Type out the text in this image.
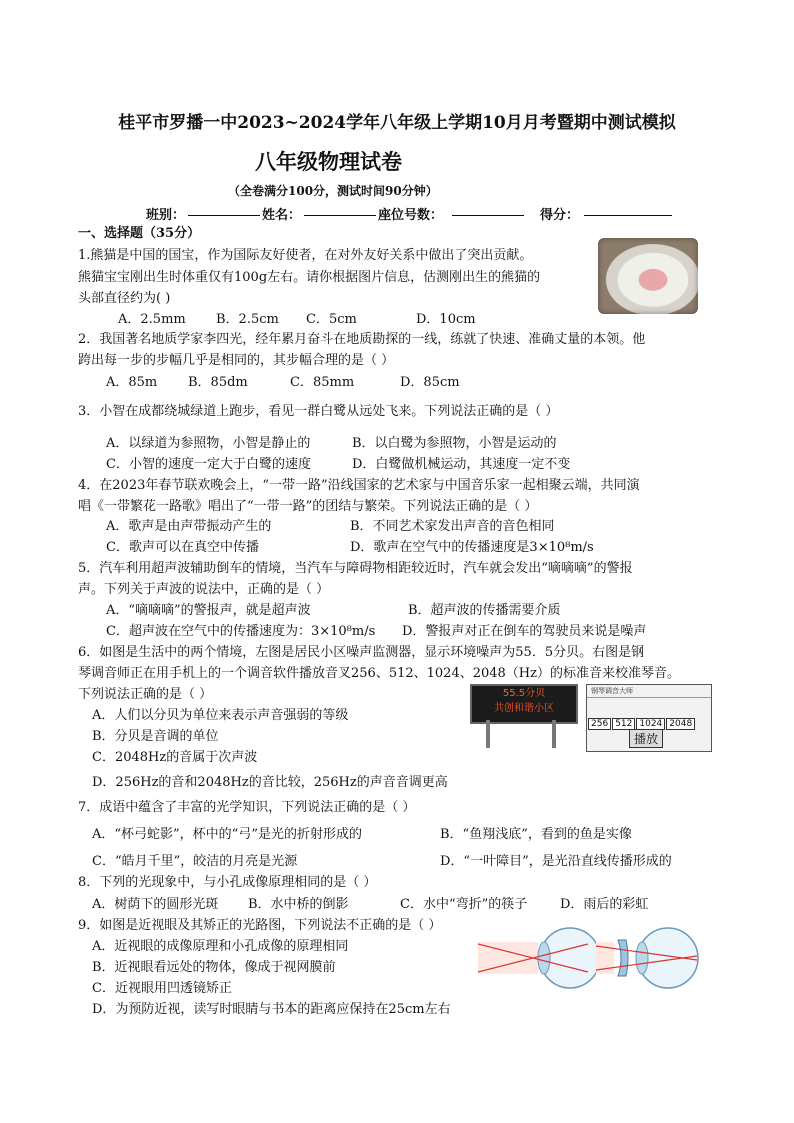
桂平市罗播一中2023~2024学年八年级上学期10月月考暨期中测试模拟
八年级物理试卷
（全卷满分100分，测试时间90分钟）
班别：	姓名：	座位号数：	得分：
一、选择题（35分）
1.熊猫是中国的国宝，作为国际友好使者，在对外友好关系中做出了突出贡献。
熊猫宝宝刚出生时体重仅有100g左右。请你根据图片信息，估测刚出生的熊猫的
头部直径约为( )
A．2.5mm B．2.5cm C．5cm	D．10cm
2．我国著名地质学家李四光，经年累月奋斗在地质勘探的一线，练就了快速、准确丈量的本领。他
跨出每一步的步幅几乎是相同的，其步幅合理的是（ ）
A．85m B．85dm	C．85mm	D．85cm
3．小智在成都绕城绿道上跑步，看见一群白鹭从远处飞来。下列说法正确的是（ ）
A．以绿道为参照物，小智是静止的	B．以白鹭为参照物，小智是运动的
C．小智的速度一定大于白鹭的速度	D．白鹭做机械运动，其速度一定不变
4．在2023年春节联欢晚会上，“一带一路”沿线国家的艺术家与中国音乐家一起相聚云端，共同演
唱《一带繁花一路歌》唱出了“一带一路”的团结与繁荣。下列说法正确的是（ ）
A．歌声是由声带振动产生的	B．不同艺术家发出声音的音色相同
C．歌声可以在真空中传播	D．歌声在空气中的传播速度是3×10⁸m/s
5．汽车利用超声波辅助倒车的情境，当汽车与障碍物相距较近时，汽车就会发出“嘀嘀嘀”的警报
声。下列关于声波的说法中，正确的是（ ）
A．“嘀嘀嘀”的警报声，就是超声波	B．超声波的传播需要介质
C．超声波在空气中的传播速度为：3×10⁸m/s D．警报声对正在倒车的驾驶员来说是噪声
6．如图是生活中的两个情境，左图是居民小区噪声监测器，显示环境噪声为55．5分贝。右图是钢
琴调音师正在用手机上的一个调音软件播放音叉256、512、1024、2048（Hz）的标准音来校准琴音。
下列说法正确的是（ ）
A．人们以分贝为单位来表示声音强弱的等级
B．分贝是音调的单位
C．2048Hz的音属于次声波
D．256Hz的音和2048Hz的音比较，256Hz的声音音调更高
55.5分贝
共创和谐小区
钢琴调音大师
256 512 1024 2048
播放
7．成语中蕴含了丰富的光学知识，下列说法正确的是（ ）
A．“杯弓蛇影”，杯中的“弓”是光的折射形成的	B．“鱼翔浅底”，看到的鱼是实像
C．“皓月千里”，皎洁的月亮是光源	D．“一叶障目”，是光沿直线传播形成的
8．下列的光现象中，与小孔成像原理相同的是（ ）
A．树荫下的圆形光斑 B．水中桥的倒影	C．水中“弯折”的筷子	D．雨后的彩虹
9．如图是近视眼及其矫正的光路图，下列说法不正确的是（ ）
A．近视眼的成像原理和小孔成像的原理相同
B．近视眼看远处的物体，像成于视网膜前
C．近视眼用凹透镜矫正
D．为预防近视，读写时眼睛与书本的距离应保持在25cm左右
